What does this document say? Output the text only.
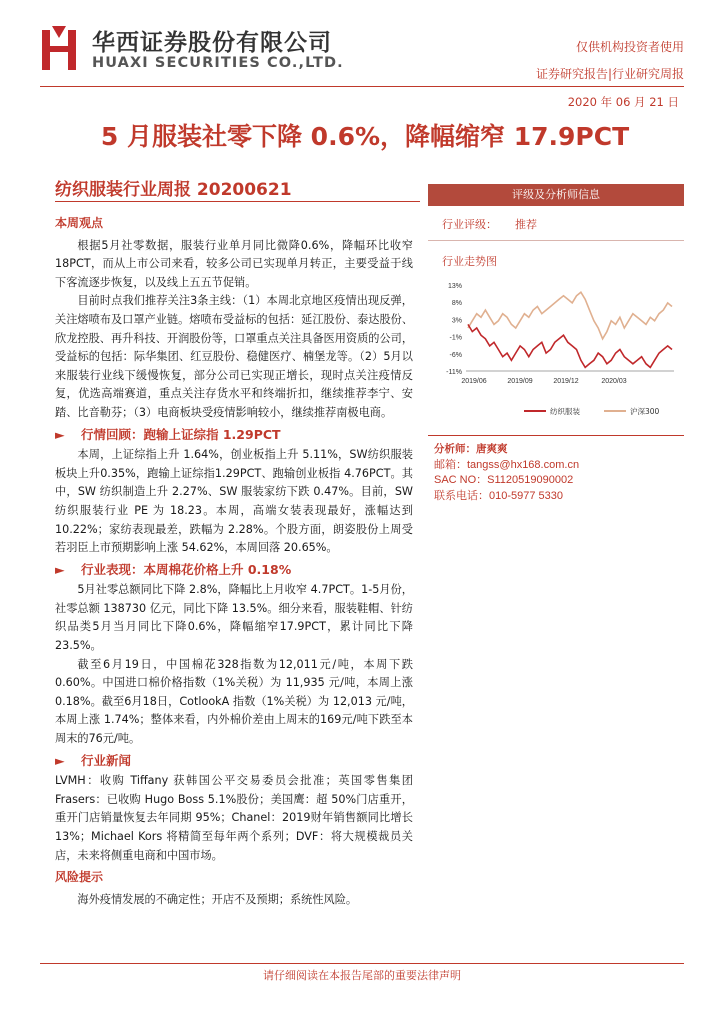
华西证券股份有限公司
HUAXI SECURITIES CO.,LTD.
仅供机构投资者使用
证券研究报告|行业研究周报
2020 年 06 月 21 日
5 月服装社零下降 0.6%，降幅缩窄 17.9PCT
纺织服装行业周报 20200621
本周观点

根据5月社零数据，服装行业单月同比微降0.6%，降幅环比收窄18PCT，而从上市公司来看，较多公司已实现单月转正，主要受益于线下客流逐步恢复，以及线上五五节促销。

目前时点我们推荐关注3条主线：（1）本周北京地区疫情出现反弹，关注熔喷布及口罩产业链。熔喷布受益标的包括：延江股份、泰达股份、欣龙控股、再升科技、开润股份等，口罩重点关注具备医用资质的公司，受益标的包括：际华集团、红豆股份、稳健医疗、楠堡龙等。（2）5月以来服装行业线下缓慢恢复，部分公司已实现正增长，现时点关注疫情反复，优选高端赛道，重点关注存货水平和终端折扣，继续推荐李宁、安踏、比音勒芬；（3）电商板块受疫情影响较小，继续推荐南极电商。

► 行情回顾：跑输上证综指 1.29PCT

本周，上证综指上升 1.64%，创业板指上升 5.11%，SW纺织服装板块上升0.35%，跑输上证综指1.29PCT、跑输创业板指 4.76PCT。其中，SW 纺织制造上升 2.27%、SW 服装家纺下跌 0.47%。目前，SW 纺织服装行业 PE 为 18.23。本周，高端女装表现最好，涨幅达到 10.22%；家纺表现最差，跌幅为 2.28%。个股方面，朗姿股份上周受若羽臣上市预期影响上涨 54.62%，本周回落 20.65%。

► 行业表现：本周棉花价格上升 0.18%

5月社零总额同比下降 2.8%，降幅比上月收窄 4.7PCT。1-5月份，社零总额 138730 亿元，同比下降 13.5%。细分来看，服装鞋帽、针纺织品类5月当月同比下降0.6%，降幅缩窄17.9PCT，累计同比下降 23.5%。

截至6月19日，中国棉花328指数为12,011元/吨，本周下跌 0.60%。中国进口棉价格指数（1%关税）为 11,935 元/吨，本周上涨 0.18%。截至6月18日，CotlookA 指数（1%关税）为 12,013 元/吨，本周上涨 1.74%；整体来看，内外棉价差由上周末的169元/吨下跌至本周末的76元/吨。

► 行业新闻

LVMH：收购 Tiffany 获韩国公平交易委员会批准；英国零售集团 Frasers：已收购 Hugo Boss 5.1%股份；美国鹰：超 50%门店重开，重开门店销量恢复去年同期 95%；Chanel：2019财年销售额同比增长 13%；Michael Kors 将精简至每年两个系列；DVF：将大规模裁员关店，未来将侧重电商和中国市场。

风险提示

海外疫情发展的不确定性；开店不及预期；系统性风险。

评级及分析师信息
行业评级： 推荐
行业走势图
13%
8%
3%
-1%
-6%
-11%
2019/06	2019/09	2019/12	2020/03
纺织服装	沪深300
分析师：唐爽爽
邮箱：tangss@hx168.com.cn
SAC NO：S1120519090002
联系电话：010-5977 5330
请仔细阅读在本报告尾部的重要法律声明
